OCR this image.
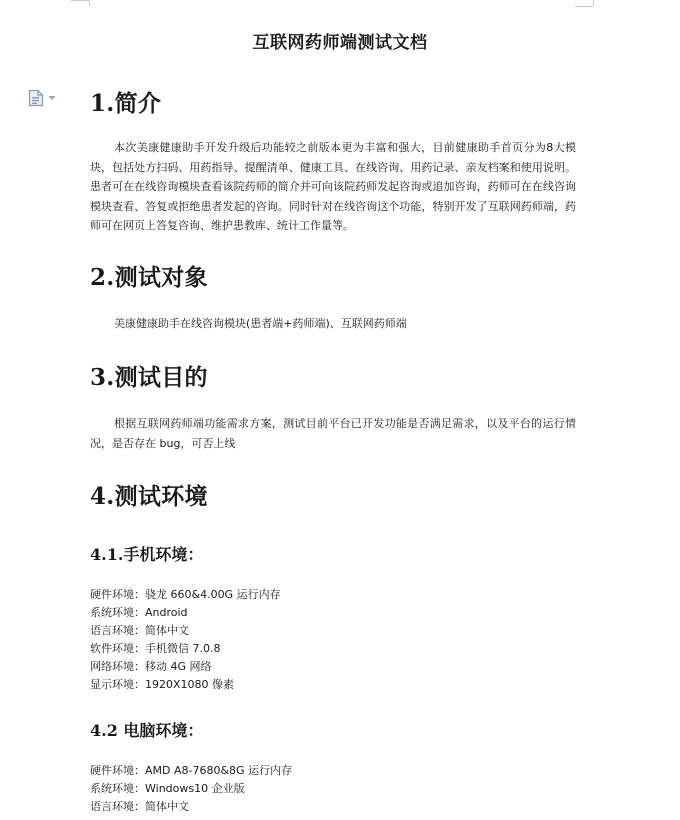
互联网药师端测试文档
1.简介
本次美康健康助手开发升级后功能较之前版本更为丰富和强大，目前健康助手首页分为8大模块，包括处方扫码、用药指导、提醒清单、健康工具、在线咨询、用药记录、亲友档案和使用说明。患者可在在线咨询模块查看该院药师的简介并可向该院药师发起咨询或追加咨询，药师可在在线咨询模块查看、答复或拒绝患者发起的咨询。同时针对在线咨询这个功能，特别开发了互联网药师端，药师可在网页上答复咨询、维护患教库、统计工作量等。
2.测试对象
美康健康助手在线咨询模块(患者端+药师端)、互联网药师端
3.测试目的
根据互联网药师端功能需求方案，测试目前平台已开发功能是否满足需求，以及平台的运行情况，是否存在 bug，可否上线
4.测试环境
4.1.手机环境：
硬件环境：骁龙 660&4.00G 运行内存
系统环境：Android
语言环境：简体中文
软件环境：手机微信 7.0.8
网络环境：移动 4G 网络
显示环境：1920X1080 像素
4.2 电脑环境：
硬件环境：AMD A8-7680&8G 运行内存
系统环境：Windows10 企业版
语言环境：简体中文
